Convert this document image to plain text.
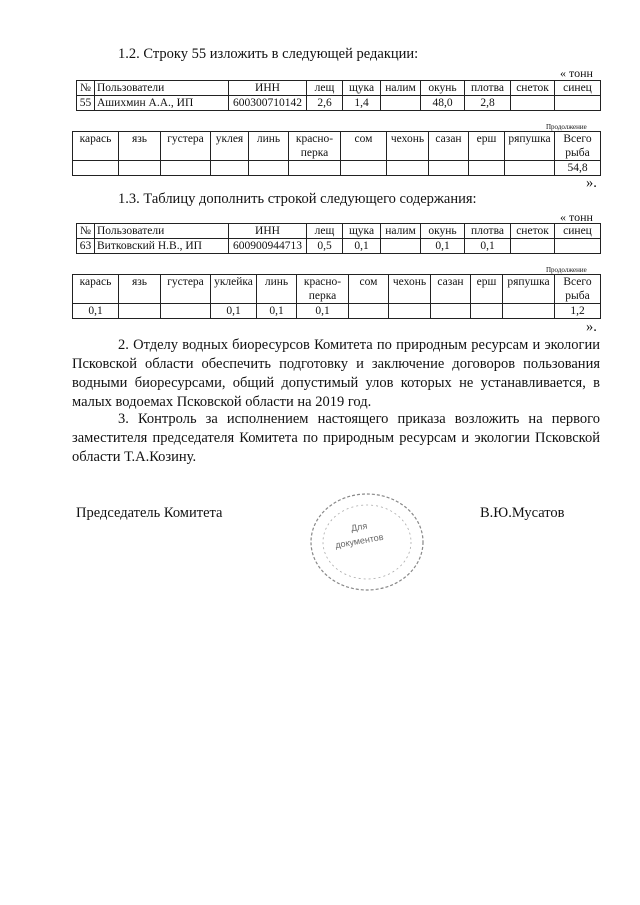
1.2. Строку 55 изложить в следующей редакции:
« тонн
№	Пользователи	ИНН	лещ	щука	налим	окунь	плотва	снеток	синец
55	Ашихмин А.А., ИП	600300710142	2,6	1,4		48,0	2,8		
Продолжение
карась	язь	густера	уклея	линь	красно-перка	сом	чехонь	сазан	ерш	ряпушка	Всего рыба
											54,8
».
1.3. Таблицу дополнить строкой следующего содержания:
« тонн
№	Пользователи	ИНН	лещ	щука	налим	окунь	плотва	снеток	синец
63	Витковский Н.В., ИП	600900944713	0,5	0,1		0,1	0,1		
Продолжение
карась	язь	густера	уклейка	линь	красно-перка	сом	чехонь	сазан	ерш	ряпушка	Всего рыба
0,1			0,1	0,1	0,1						1,2
».
2. Отделу водных биоресурсов Комитета по природным ресурсам и экологии Псковской области обеспечить подготовку и заключение договоров пользования водными биоресурсами, общий допустимый улов которых не устанавливается, в малых водоемах Псковской области на 2019 год.
3. Контроль за исполнением настоящего приказа возложить на первого заместителя председателя Комитета по природным ресурсам и экологии Псковской области Т.А.Козину.
Председатель Комитета	В.Ю.Мусатов
Для
документов
